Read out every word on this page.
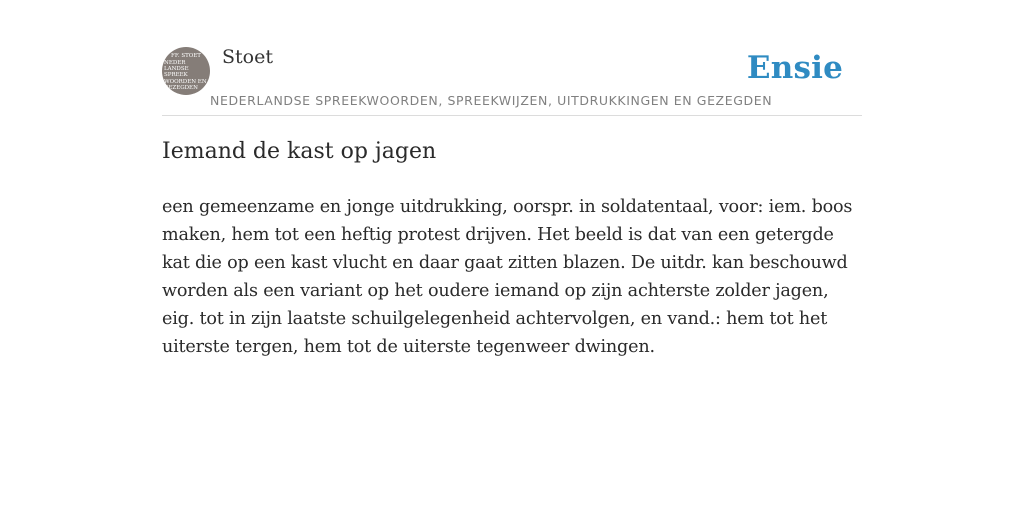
FF. STOET
NEDER
LANDSE
SPREEK
WOORDEN EN
GEZEGDEN
Stoet	Ensie
NEDERLANDSE SPREEKWOORDEN, SPREEKWIJZEN, UITDRUKKINGEN EN GEZEGDEN
Iemand de kast op jagen

een gemeenzame en jonge uitdrukking, oorspr. in soldatentaal, voor: iem. boos maken, hem tot een heftig protest drijven. Het beeld is dat van een getergde kat die op een kast vlucht en daar gaat zitten blazen. De uitdr. kan beschouwd worden als een variant op het oudere iemand op zijn achterste zolder jagen, eig. tot in zijn laatste schuilgelegenheid achtervolgen, en vand.: hem tot het uiterste tergen, hem tot de uiterste tegenweer dwingen.
